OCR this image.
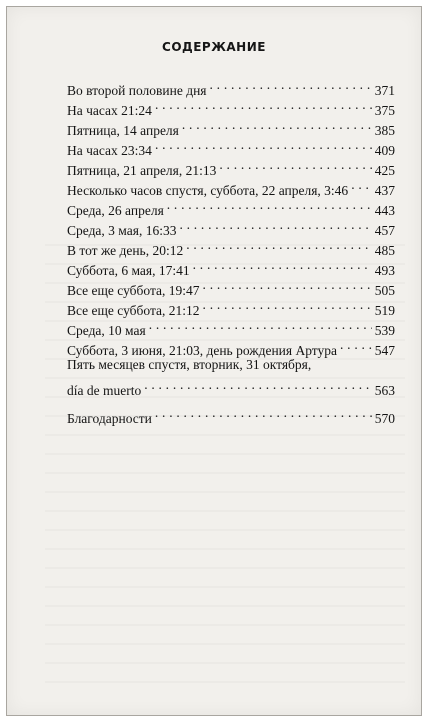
СОДЕРЖАНИЕ
Во второй половине дня . . .	371
На часах 21:24 . . .	375
Пятница, 14 апреля . . .	385
На часах 23:34 . . .	409
Пятница, 21 апреля, 21:13 . . .	425
Несколько часов спустя, суббота, 22 апреля, 3:46 . . . 437
Среда, 26 апреля . . .	443
Среда, 3 мая, 16:33 . . .	457
В тот же день, 20:12 . . .	485
Суббота, 6 мая, 17:41 . . .	493
Все еще суббота, 19:47 . . .	505
Все еще суббота, 21:12 . . .	519
Среда, 10 мая . . .	539
Суббота, 3 июня, 21:03, день рождения Артура . . .	547
Пять месяцев спустя, вторник, 31 октября,
día de muerto . . .	563
Благодарности . . .	570
